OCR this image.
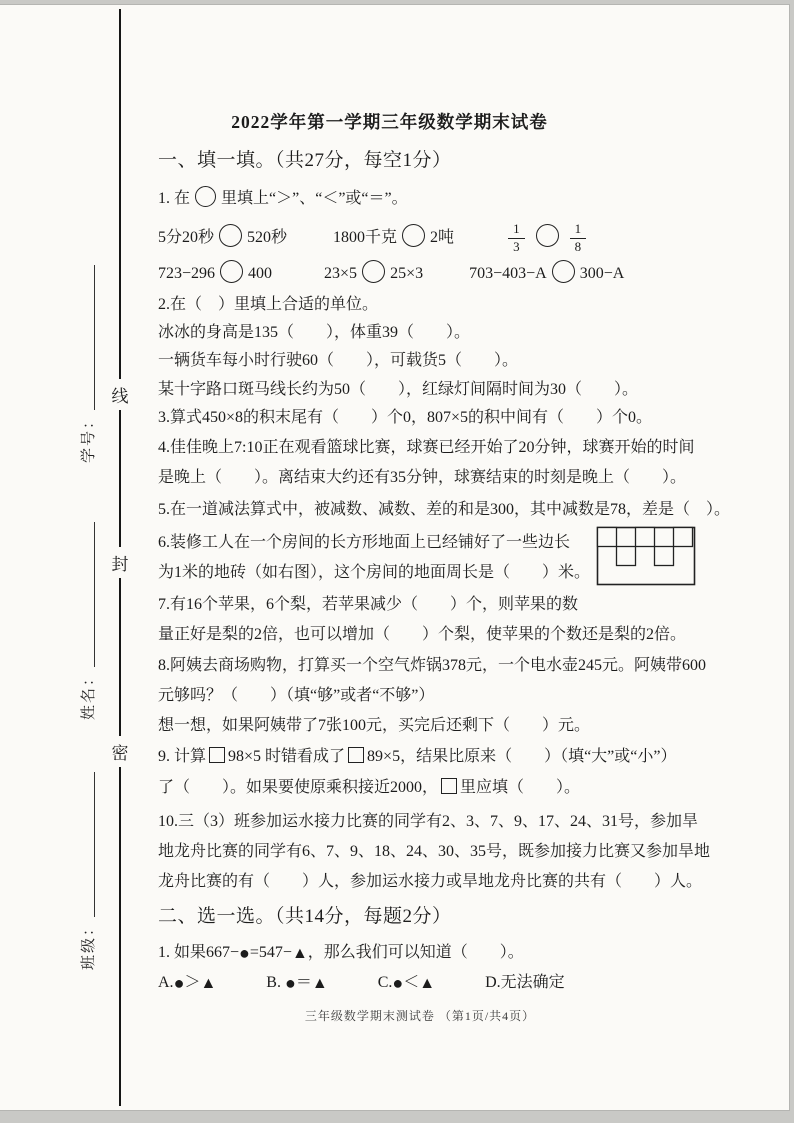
线
封
密
学号：
姓名：
班级：
2022学年第一学期三年级数学期末试卷
一、填一填。（共27分，每空1分）
1. 在 里填上“＞”、“＜”或“＝”。
5分20秒 520秒	1800千克 2吨	$\frac{1}{3}$
	$\frac{1}{8}$
723−296 400	23×5 25×3	703−403−A 300−A
2.在（　）里填上合适的单位。
冰冰的身高是135（　　），体重39（　　）。
一辆货车每小时行驶60（　　），可载货5（　　）。
某十字路口斑马线长约为50（　　），红绿灯间隔时间为30（　　）。
3.算式450×8的积末尾有（　　）个0，807×5的积中间有（　　）个0。
4.佳佳晚上7:10正在观看篮球比赛，球赛已经开始了20分钟，球赛开始的时间
是晚上（　　）。离结束大约还有35分钟，球赛结束的时刻是晚上（　　）。
5.在一道减法算式中，被减数、减数、差的和是300，其中减数是78，差是（　）。
6.装修工人在一个房间的长方形地面上已经铺好了一些边长
为1米的地砖（如右图），这个房间的地面周长是（　　）米。
7.有16个苹果，6个梨，若苹果减少（　　）个，则苹果的数
量正好是梨的2倍，也可以增加（　　）个梨，使苹果的个数还是梨的2倍。
8.阿姨去商场购物，打算买一个空气炸锅378元，一个电水壶245元。阿姨带600
元够吗？（　　）（填“够”或者“不够”）
想一想，如果阿姨带了7张100元，买完后还剩下（　　）元。
9. 计算 98×5 时错看成了 89×5，结果比原来（　　）（填“大”或“小”）
了（　　）。如果要使原乘积接近2000， 里应填（　　）。
10.三（3）班参加运水接力比赛的同学有2、3、7、9、17、24、31号，参加旱
地龙舟比赛的同学有6、7、9、18、24、30、35号，既参加接力比赛又参加旱地
龙舟比赛的有（　　）人，参加运水接力或旱地龙舟比赛的共有（　　）人。
二、选一选。（共14分，每题2分）
1. 如果667−●=547−▲，那么我们可以知道（　　）。
A.●＞▲	B. ●＝▲	C.●＜▲	D.无法确定
三年级数学期末测试卷 （第1页/共4页）
